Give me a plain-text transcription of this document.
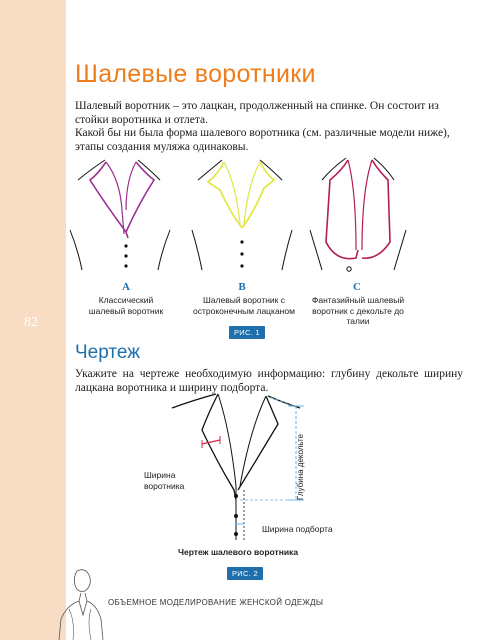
82
Шалевые воротники

Шалевый воротник – это лацкан, продолженный на спинке. Он состоит из стойки воротника и отлета.

Какой бы ни была форма шалевого воротника (см. различные модели ниже), этапы создания муляжа одинаковы.

A	B	C
Классический шалевый воротник
Шалевый воротник с остроконечным лацканом
Фантазийный шалевый воротник с декольте до талии
РИС. 1
Чертеж

Укажите на чертеже необходимую информацию: глубину декольте ширину лацкана воротника и ширину подборта.

Ширина воротника	Глубина декольте
Ширина подборта
Чертеж шалевого воротника
РИС. 2
ОБЪЕМНОЕ МОДЕЛИРОВАНИЕ ЖЕНСКОЙ ОДЕЖДЫ
